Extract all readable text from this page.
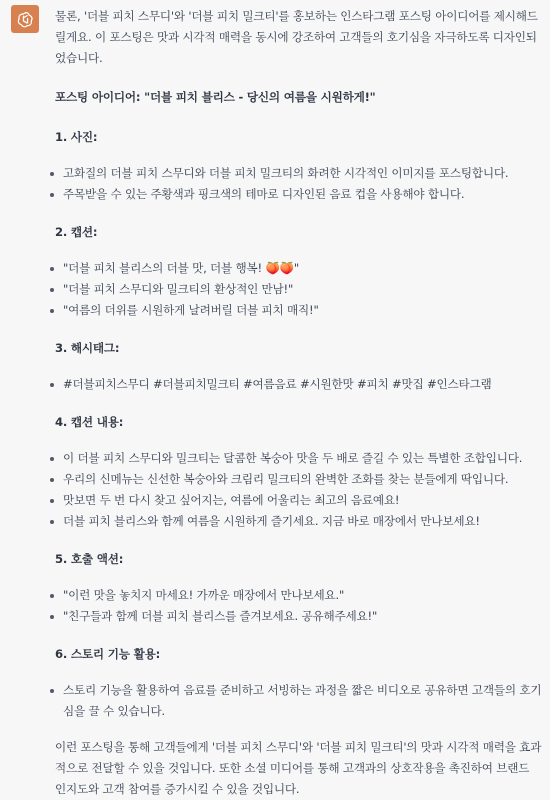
물론, '더블 피치 스무디'와 '더블 피치 밀크티'를 홍보하는 인스타그램 포스팅 아이디어를 제시해드릴게요. 이 포스팅은 맛과 시각적 매력을 동시에 강조하여 고객들의 호기심을 자극하도록 디자인되었습니다.

포스팅 아이디어: "더블 피치 블리스 - 당신의 여름을 시원하게!"

1. 사진:
고화질의 더블 피치 스무디와 더블 피치 밀크티의 화려한 시각적인 이미지를 포스팅합니다.
주목받을 수 있는 주황색과 핑크색의 테마로 디자인된 음료 컵을 사용해야 합니다.
2. 캡션:
"더블 피치 블리스의 더블 맛, 더블 행복! 🍑🍑"
"더블 피치 스무디와 밀크티의 환상적인 만남!"
"여름의 더위를 시원하게 날려버릴 더블 피치 매직!"
3. 해시태그:
#더블피치스무디 #더블피치밀크티 #여름음료 #시원한맛 #피치 #맛집 #인스타그램
4. 캡션 내용:
이 더블 피치 스무디와 밀크티는 달콤한 복숭아 맛을 두 배로 즐길 수 있는 특별한 조합입니다.
우리의 신메뉴는 신선한 복숭아와 크림리 밀크티의 완벽한 조화를 찾는 분들에게 딱입니다.
맛보면 두 번 다시 찾고 싶어지는, 여름에 어울리는 최고의 음료예요!
더블 피치 블리스와 함께 여름을 시원하게 즐기세요. 지금 바로 매장에서 만나보세요!
5. 호출 액션:
"이런 맛을 놓치지 마세요! 가까운 매장에서 만나보세요."
"친구들과 함께 더블 피치 블리스를 즐겨보세요. 공유해주세요!"
6. 스토리 기능 활용:
스토리 기능을 활용하여 음료를 준비하고 서빙하는 과정을 짧은 비디오로 공유하면 고객들의 호기심을 끌 수 있습니다.

이런 포스팅을 통해 고객들에게 '더블 피치 스무디'와 '더블 피치 밀크티'의 맛과 시각적 매력을 효과적으로 전달할 수 있을 것입니다. 또한 소셜 미디어를 통해 고객과의 상호작용을 촉진하여 브랜드 인지도와 고객 참여를 증가시킬 수 있을 것입니다.
